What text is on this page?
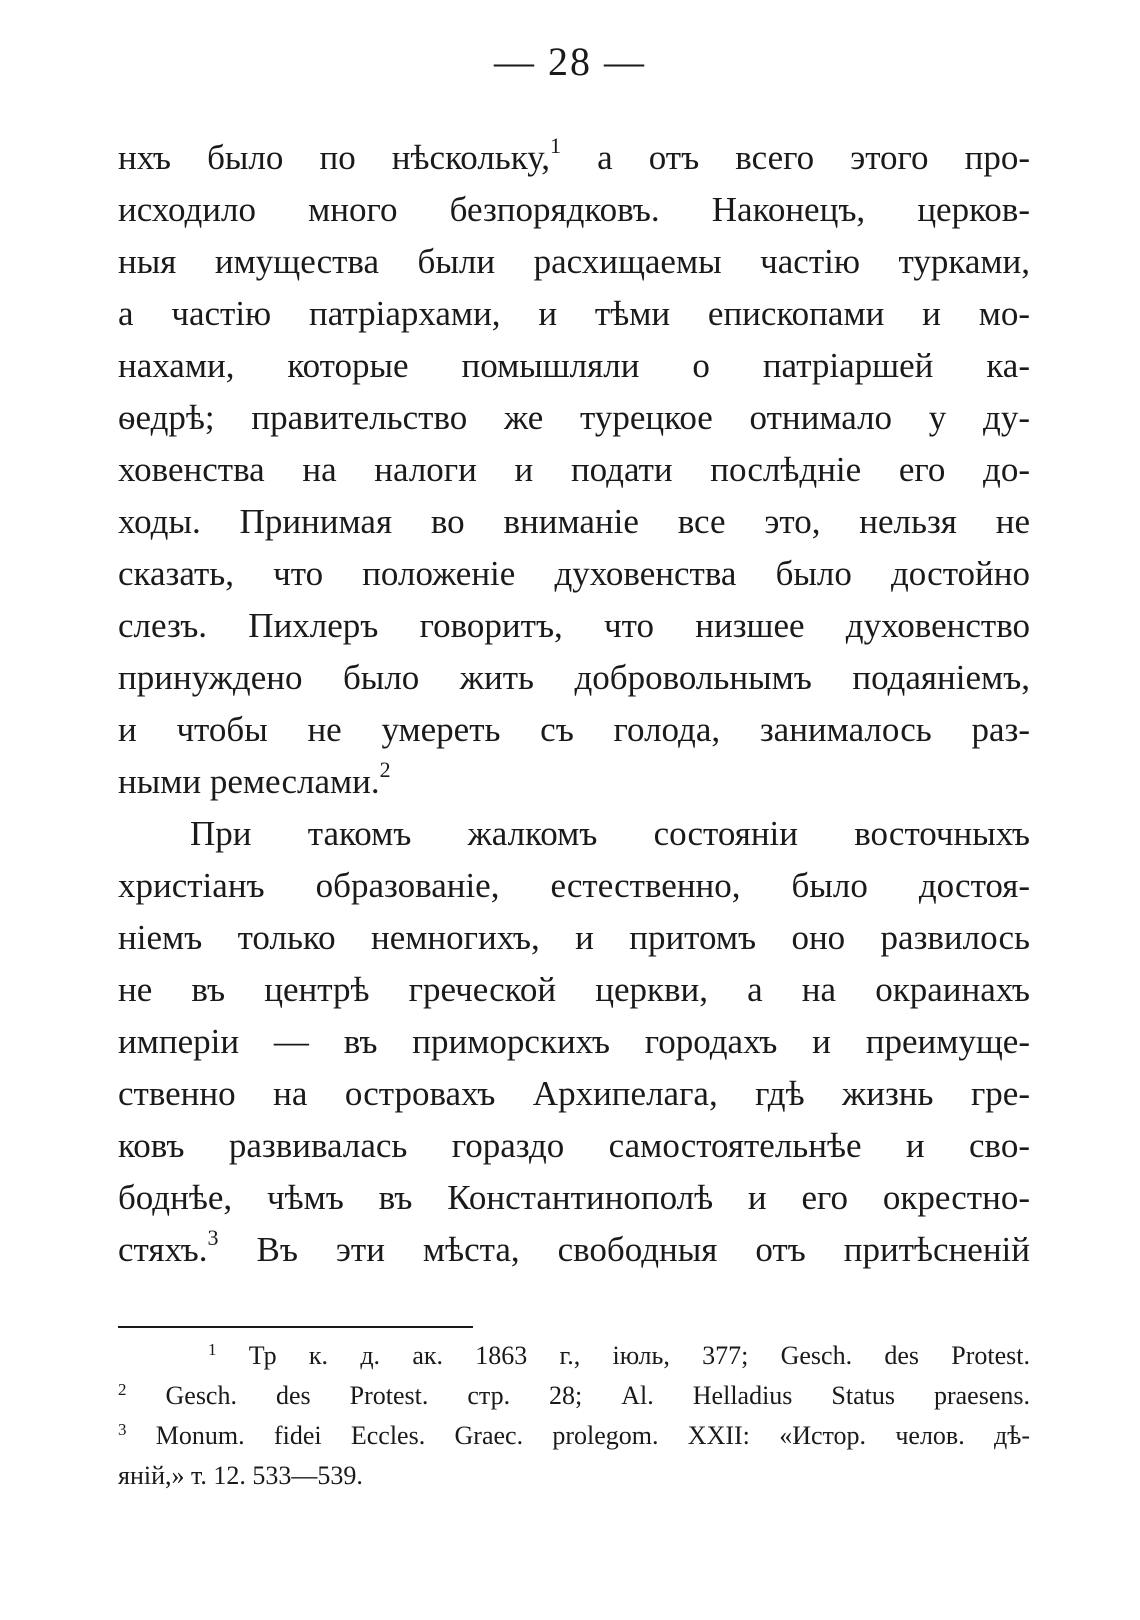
— 28 —
нхъ было по нѣскольку,$^1$ а отъ всего этого про-
исходило много безпорядковъ. Наконецъ, церков-
ныя имущества были расхищаемы частію турками,
а частію патріархами, и тѣми епископами и мо-
нахами, которые помышляли о патріаршей ка-
ѳедрѣ; правительство же турецкое отнимало у ду-
ховенства на налоги и подати послѣдніе его до-
ходы. Принимая во вниманіе все это, нельзя не
сказать, что положеніе духовенства было достойно
слезъ. Пихлеръ говоритъ, что низшее духовенство
принуждено было жить добровольнымъ подаяніемъ,
и чтобы не умереть съ голода, занималось раз-
ными ремеслами.$^2$
При такомъ жалкомъ состояніи восточныхъ
христіанъ образованіе, естественно, было достоя-
ніемъ только немногихъ, и притомъ оно развилось
не въ центрѣ греческой церкви, а на окраинахъ
имперіи — въ приморскихъ городахъ и преимуще-
ственно на островахъ Архипелага, гдѣ жизнь гре-
ковъ развивалась гораздо самостоятельнѣе и сво-
боднѣе, чѣмъ въ Константинополѣ и его окрестно-
стяхъ.$^3$ Въ эти мѣста, свободныя отъ притѣсненій
$^1$ Тр к. д. ак. 1863 г., іюль, 377; Gesch. des Protest.
$^2$ Gesch. des Protest. стр. 28; Al. Helladius Status praesens.
$^3$ Monum. fidei Eccles. Graec. prolegom. XXII: «Истор. челов. дѣ-
яній,» т. 12. 533—539.
